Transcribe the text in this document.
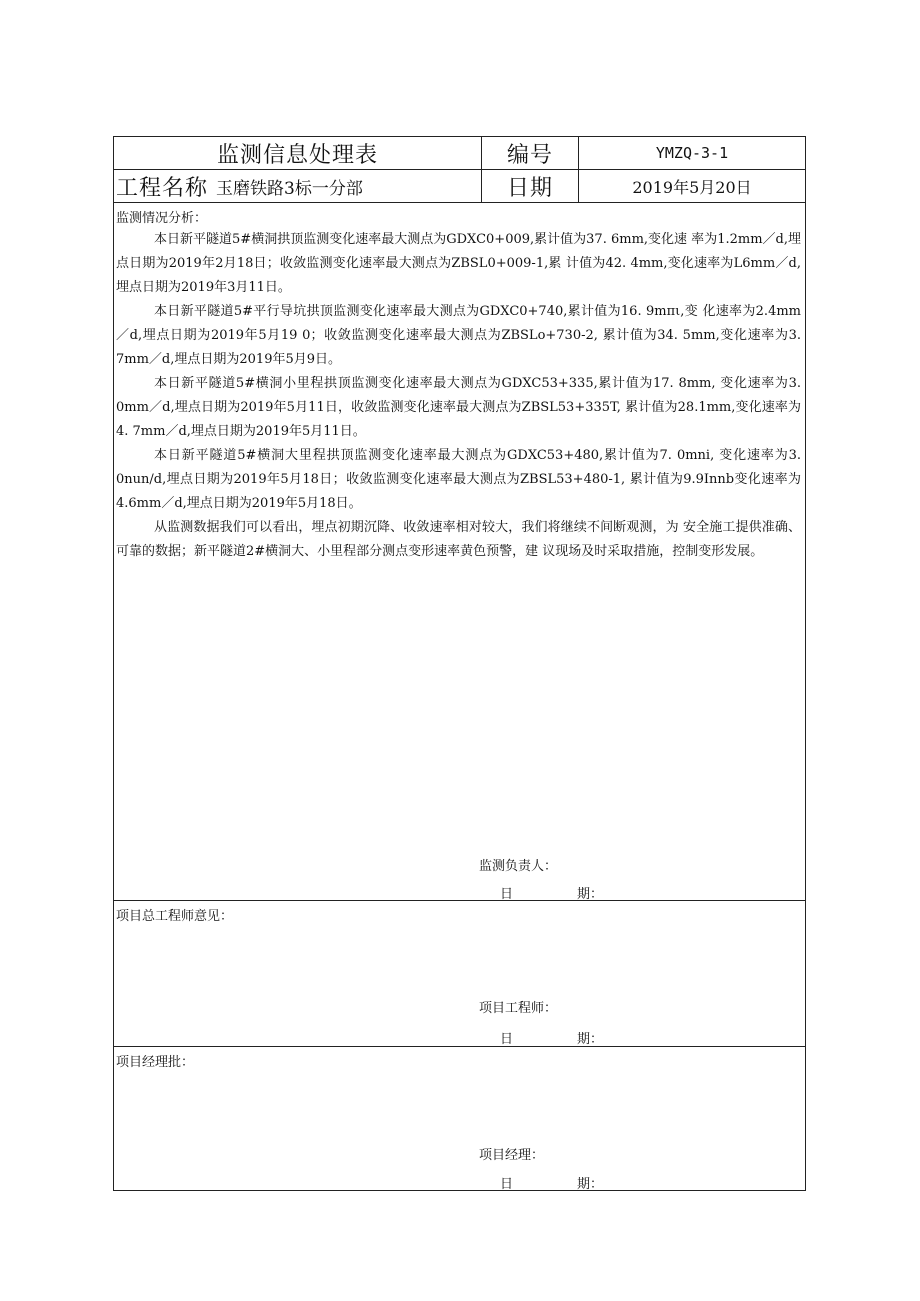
监测信息处理表	编号	YMZQ-3-1
工程名称 玉磨铁路3标一分部	日期	2019年5月20日
监测情况分析：

本日新平隧道5#横洞拱顶监测变化速率最大测点为GDXC0+009,累计值为37. 6mm,变化速 率为1.2mm／d,埋点日期为2019年2月18日；收敛监测变化速率最大测点为ZBSL0+009-1,累 计值为42. 4mm,变化速率为L6mm／d,埋点日期为2019年3月11日。

本日新平隧道5#平行导坑拱顶监测变化速率最大测点为GDXC0+740,累计值为16. 9mπι,变 化速率为2.4mm／d,埋点日期为2019年5月19 0；收敛监测变化速率最大测点为ZBSLo+730-2, 累计值为34. 5mm,变化速率为3. 7mm／d,埋点日期为2019年5月9日。

本日新平隧道5#横洞小里程拱顶监测变化速率最大测点为GDXC53+335,累计值为17. 8mm, 变化速率为3. 0mm／d,埋点日期为2019年5月11日，收敛监测变化速率最大测点为ZBSL53+335T, 累计值为28.1mm,变化速率为4. 7mm／d,埋点日期为2019年5月11日。

本日新平隧道5#横洞大里程拱顶监测变化速率最大测点为GDXC53+480,累计值为7. 0mni, 变化速率为3. 0nun/d,埋点日期为2019年5月18日；收敛监测变化速率最大测点为ZBSL53+480-1, 累计值为9.9Innb变化速率为4.6mm／d,埋点日期为2019年5月18日。

从监测数据我们可以看出，埋点初期沉降、收敛速率相对较大，我们将继续不间断观测，为 安全施工提供准确、可靠的数据；新平隧道2#横洞大、小里程部分测点变形速率黄色预警，建 议现场及时采取措施，控制变形发展。

监测负责人：
日	期：
项目总工程师意见：
项目工程师：
日	期：
项目经理批：
项目经理：
日	期：
